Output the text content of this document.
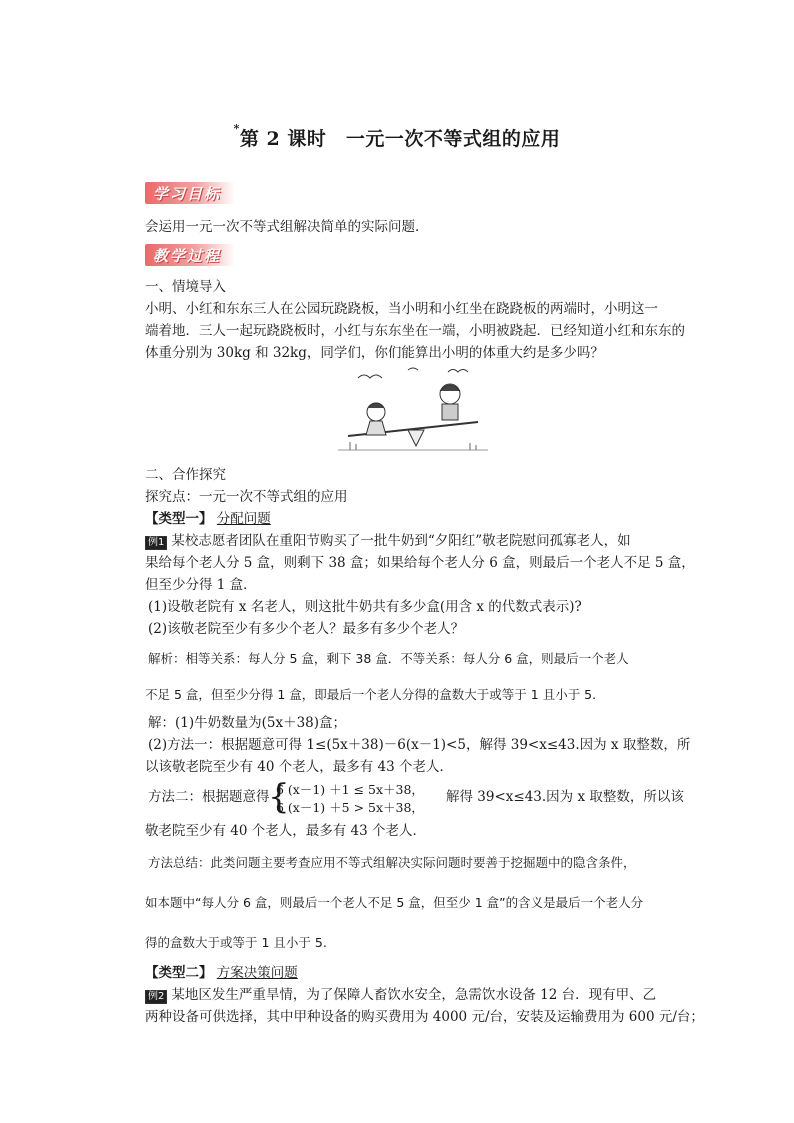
*第 2 课时　一元一次不等式组的应用
学习目标
会运用一元一次不等式组解决简单的实际问题．
教学过程
一、情境导入
小明、小红和东东三人在公园玩跷跷板，当小明和小红坐在跷跷板的两端时，小明这一
端着地．三人一起玩跷跷板时，小红与东东坐在一端，小明被跷起．已经知道小红和东东的
体重分别为 30kg 和 32kg，同学们，你们能算出小明的体重大约是多少吗？
二、合作探究
探究点：一元一次不等式组的应用
【类型一】 分配问题
例1 某校志愿者团队在重阳节购买了一批牛奶到“夕阳红”敬老院慰问孤寡老人，如
果给每个老人分 5 盒，则剩下 38 盒；如果给每个老人分 6 盒，则最后一个老人不足 5 盒，
但至少分得 1 盒．
(1)设敬老院有 x 名老人，则这批牛奶共有多少盒(用含 x 的代数式表示)?
(2)该敬老院至少有多少个老人？最多有多少个老人？
解析：相等关系：每人分 5 盒，剩下 38 盒．不等关系：每人分 6 盒，则最后一个老人
不足 5 盒，但至少分得 1 盒，即最后一个老人分得的盒数大于或等于 1 且小于 5.
解：(1)牛奶数量为(5x＋38)盒；
(2)方法一：根据题意可得 1≤(5x＋38)－6(x－1)<5，解得 39<x≤43.因为 x 取整数，所
以该敬老院至少有 40 个老人，最多有 43 个老人．
方法二：根据题意得
{
6 (x－1) ＋1 ≤ 5x＋38，
6 (x－1) ＋5 > 5x＋38，
解得 39<x≤43.因为 x 取整数，所以该
敬老院至少有 40 个老人，最多有 43 个老人．
方法总结：此类问题主要考查应用不等式组解决实际问题时要善于挖掘题中的隐含条件，
如本题中“每人分 6 盒，则最后一个老人不足 5 盒，但至少 1 盒”的含义是最后一个老人分
得的盒数大于或等于 1 且小于 5.
【类型二】 方案决策问题
例2 某地区发生严重旱情，为了保障人畜饮水安全，急需饮水设备 12 台．现有甲、乙
两种设备可供选择，其中甲种设备的购买费用为 4000 元/台，安装及运输费用为 600 元/台；
